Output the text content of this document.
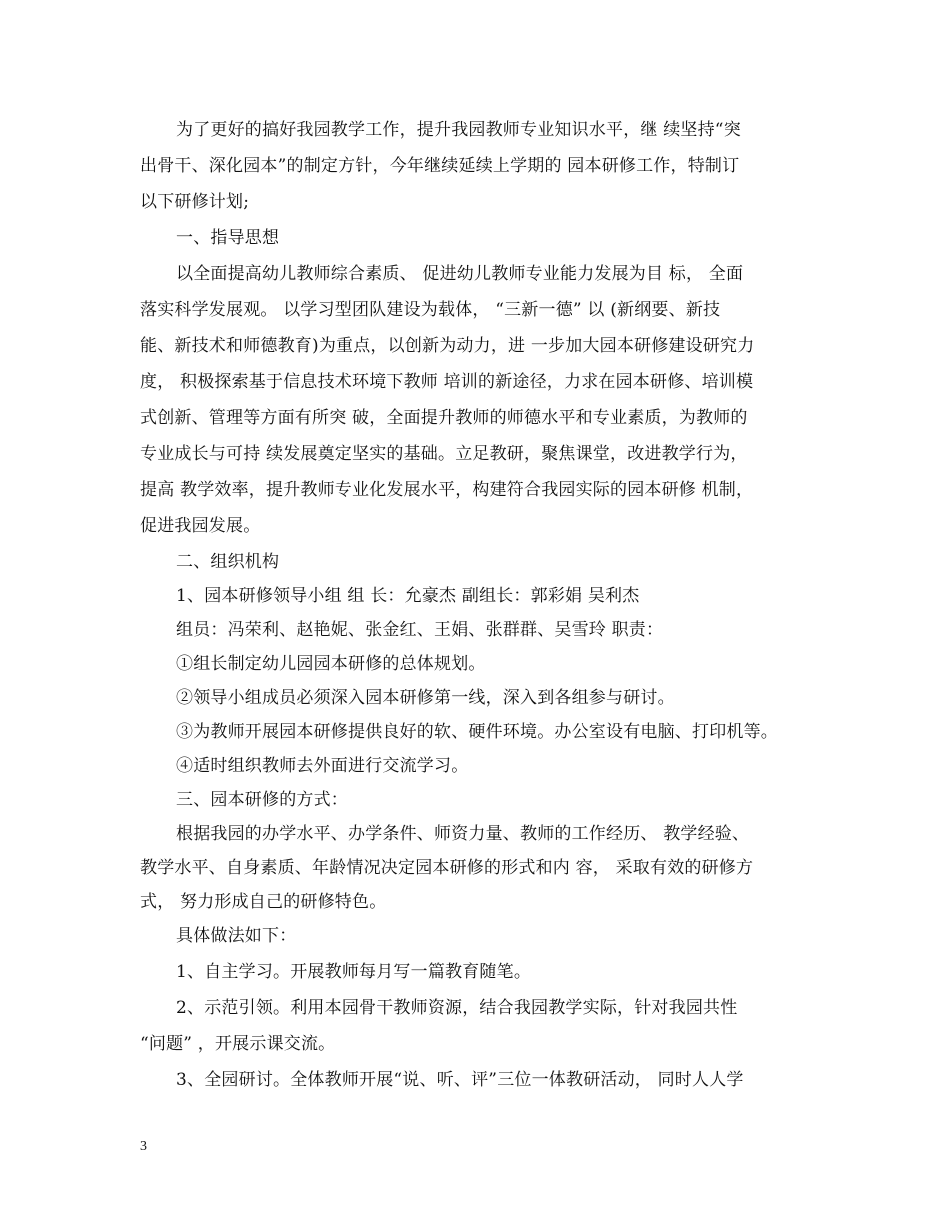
为了更好的搞好我园教学工作，提升我园教师专业知识水平，继 续坚持“突
出骨干、深化园本”的制定方针，今年继续延续上学期的 园本研修工作，特制订
以下研修计划;
一、指导思想
以全面提高幼儿教师综合素质、 促进幼儿教师专业能力发展为目 标， 全面
落实科学发展观。 以学习型团队建设为载体， “三新一德” 以 (新纲要、新技
能、新技术和师德教育)为重点，以创新为动力，进 一步加大园本研修建设研究力
度， 积极探索基于信息技术环境下教师 培训的新途径，力求在园本研修、培训模
式创新、管理等方面有所突 破，全面提升教师的师德水平和专业素质，为教师的
专业成长与可持 续发展奠定坚实的基础。立足教研，聚焦课堂，改进教学行为，
提高 教学效率，提升教师专业化发展水平，构建符合我园实际的园本研修 机制，
促进我园发展。
二、组织机构
1、园本研修领导小组 组 长：允豪杰 副组长：郭彩娟 吴利杰
组员：冯荣利、赵艳妮、张金红、王娟、张群群、吴雪玲 职责：
①组长制定幼儿园园本研修的总体规划。
②领导小组成员必须深入园本研修第一线，深入到各组参与研讨。
③为教师开展园本研修提供良好的软、硬件环境。办公室设有电脑、打印机等。
④适时组织教师去外面进行交流学习。
三、园本研修的方式：
根据我园的办学水平、办学条件、师资力量、教师的工作经历、 教学经验、
教学水平、自身素质、年龄情况决定园本研修的形式和内 容， 采取有效的研修方
式， 努力形成自己的研修特色。
具体做法如下：
1、自主学习。开展教师每月写一篇教育随笔。
2、示范引领。利用本园骨干教师资源，结合我园教学实际，针对我园共性
“问题” ，开展示课交流。
3、全园研讨。全体教师开展“说、听、评”三位一体教研活动， 同时人人学
3
